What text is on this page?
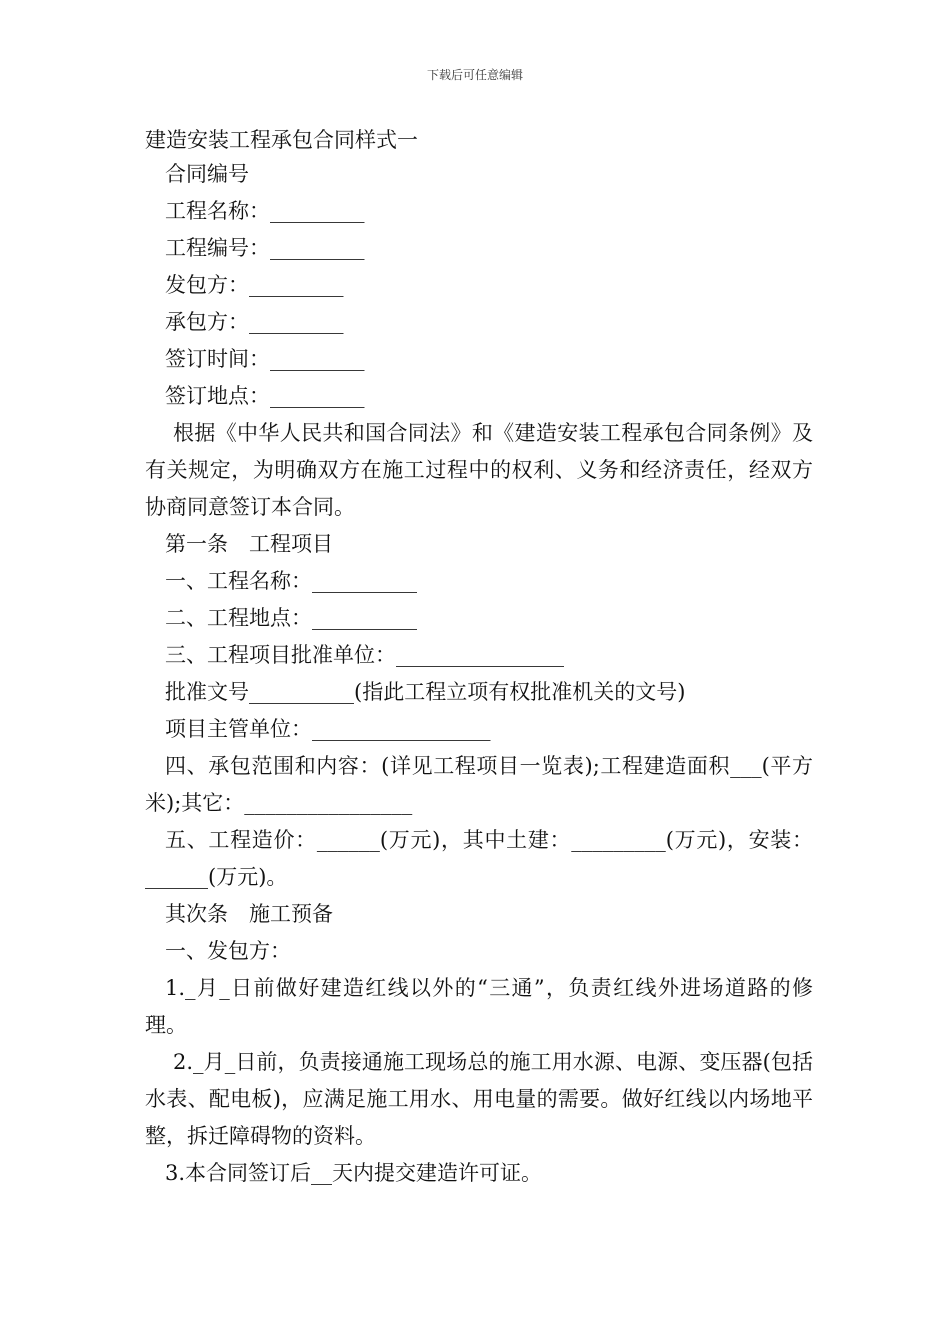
下载后可任意编辑
建造安装工程承包合同样式一

合同编号

工程名称：_________

工程编号：_________

发包方：_________

承包方：_________

签订时间：_________

签订地点：_________

根据《中华人民共和国合同法》和《建造安装工程承包合同条例》及有关规定，为明确双方在施工过程中的权利、义务和经济责任，经双方协商同意签订本合同。

第一条　工程项目

一、工程名称：__________

二、工程地点：__________

三、工程项目批准单位：________________

批准文号__________(指此工程立项有权批准机关的文号)

项目主管单位：_________________

四、承包范围和内容：(详见工程项目一览表);工程建造面积___(平方米);其它：________________

五、工程造价：______(万元)，其中土建：_________(万元)，安装：______(万元)。

其次条　施工预备

一、发包方：

1._月_日前做好建造红线以外的“三通”，负责红线外进场道路的修理。

2._月_日前，负责接通施工现场总的施工用水源、电源、变压器(包括水表、配电板)，应满足施工用水、用电量的需要。做好红线以内场地平整，拆迁障碍物的资料。

3.本合同签订后__天内提交建造许可证。
